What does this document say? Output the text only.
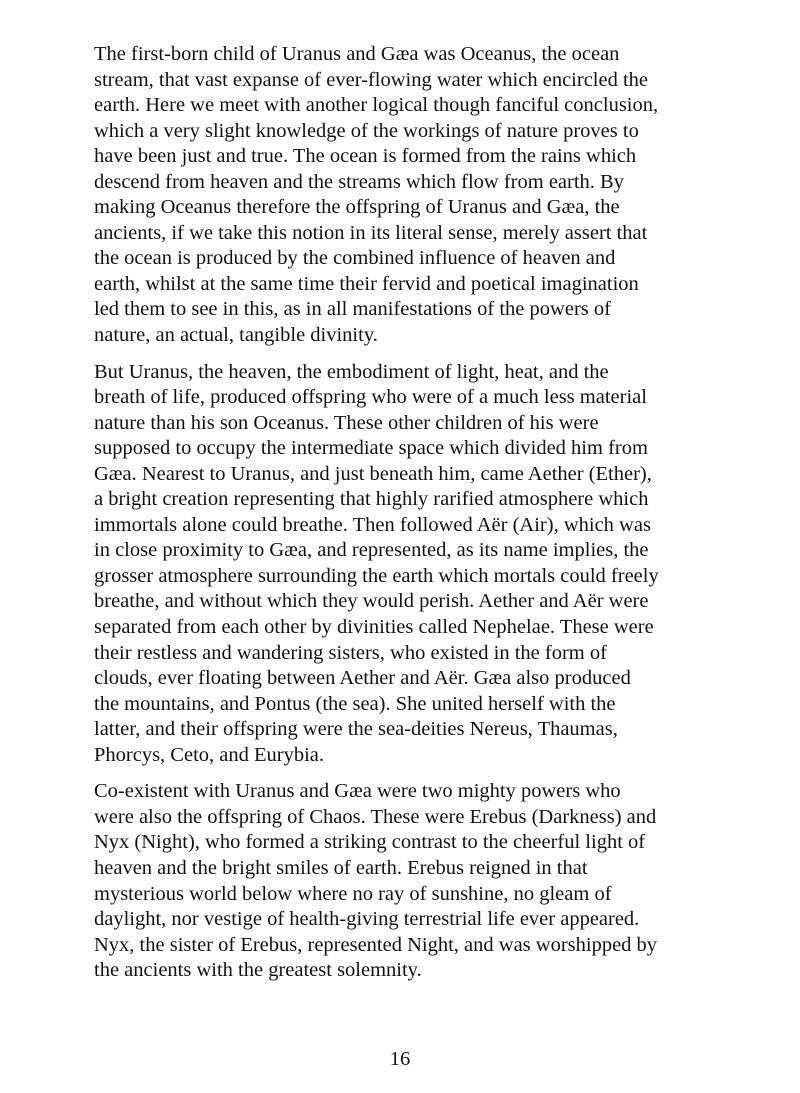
The first-born child of Uranus and Gæa was Oceanus, the ocean
stream, that vast expanse of ever-flowing water which encircled the
earth. Here we meet with another logical though fanciful conclusion,
which a very slight knowledge of the workings of nature proves to
have been just and true. The ocean is formed from the rains which
descend from heaven and the streams which flow from earth. By
making Oceanus therefore the offspring of Uranus and Gæa, the
ancients, if we take this notion in its literal sense, merely assert that
the ocean is produced by the combined influence of heaven and
earth, whilst at the same time their fervid and poetical imagination
led them to see in this, as in all manifestations of the powers of
nature, an actual, tangible divinity.

But Uranus, the heaven, the embodiment of light, heat, and the
breath of life, produced offspring who were of a much less material
nature than his son Oceanus. These other children of his were
supposed to occupy the intermediate space which divided him from
Gæa. Nearest to Uranus, and just beneath him, came Aether (Ether),
a bright creation representing that highly rarified atmosphere which
immortals alone could breathe. Then followed Aër (Air), which was
in close proximity to Gæa, and represented, as its name implies, the
grosser atmosphere surrounding the earth which mortals could freely
breathe, and without which they would perish. Aether and Aër were
separated from each other by divinities called Nephelae. These were
their restless and wandering sisters, who existed in the form of
clouds, ever floating between Aether and Aër. Gæa also produced
the mountains, and Pontus (the sea). She united herself with the
latter, and their offspring were the sea-deities Nereus, Thaumas,
Phorcys, Ceto, and Eurybia.

Co-existent with Uranus and Gæa were two mighty powers who
were also the offspring of Chaos. These were Erebus (Darkness) and
Nyx (Night), who formed a striking contrast to the cheerful light of
heaven and the bright smiles of earth. Erebus reigned in that
mysterious world below where no ray of sunshine, no gleam of
daylight, nor vestige of health-giving terrestrial life ever appeared.
Nyx, the sister of Erebus, represented Night, and was worshipped by
the ancients with the greatest solemnity.

16
